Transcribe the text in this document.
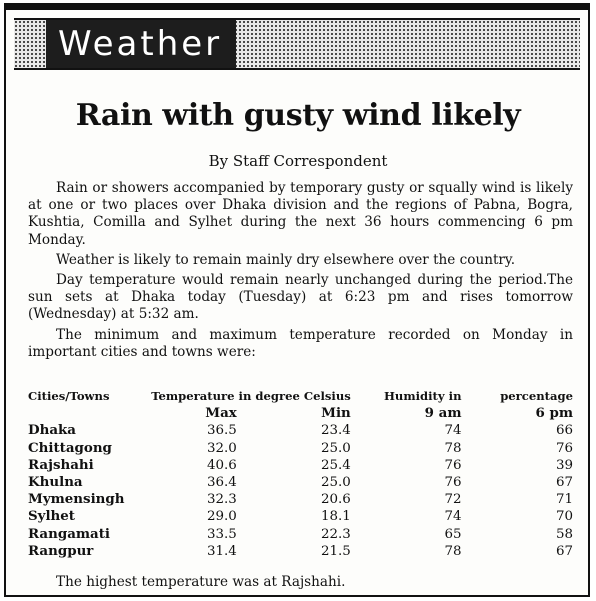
Weather
Rain with gusty wind likely
By Staff Correspondent

Rain or showers accompanied by temporary gusty or squally wind is likely at one or two places over Dhaka division and the regions of Pabna, Bogra, Kushtia, Comilla and Sylhet during the next 36 hours commencing 6 pm Monday.

Weather is likely to remain mainly dry elsewhere over the country.

Day temperature would remain nearly unchanged during the period.The sun sets at Dhaka today (Tuesday) at 6:23 pm and rises tomorrow (Wednesday) at 5:32 am.

The minimum and maximum temperature recorded on Monday in important cities and towns were:

Cities/Towns	Temperature in degree Celsius		Humidity in	percentage
	Max	Min	9 am	6 pm
Dhaka	36.5	23.4	74	66
Chittagong	32.0	25.0	78	76
Rajshahi	40.6	25.4	76	39
Khulna	36.4	25.0	76	67
Mymensingh	32.3	20.6	72	71
Sylhet	29.0	18.1	74	70
Rangamati	33.5	22.3	65	58
Rangpur	31.4	21.5	78	67
The highest temperature was at Rajshahi.
